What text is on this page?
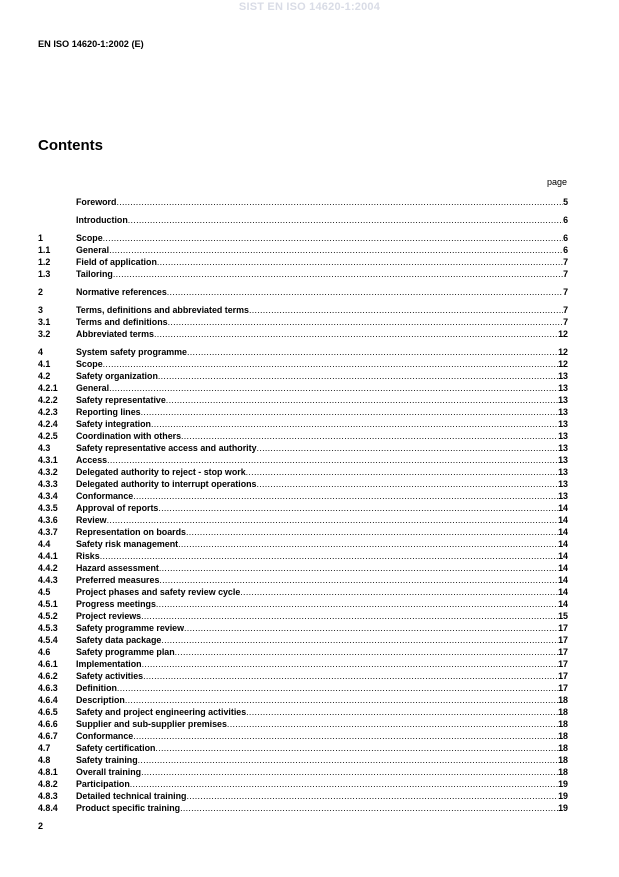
SIST EN ISO 14620-1:2004
EN ISO 14620-1:2002 (E)
Contents
page
Foreword .....	5
Introduction .....	6
1	Scope .....	6
1.1	General .....	6
1.2	Field of application .....	7
1.3	Tailoring .....	7
2	Normative references .....	7
3	Terms, definitions and abbreviated terms .....	7
3.1	Terms and definitions .....	7
3.2	Abbreviated terms .....	12
4	System safety programme .....	12
4.1	Scope .....	12
4.2	Safety organization .....	13
4.2.1	General .....	13
4.2.2	Safety representative .....	13
4.2.3	Reporting lines .....	13
4.2.4	Safety integration .....	13
4.2.5	Coordination with others .....	13
4.3	Safety representative access and authority .....	13
4.3.1	Access .....	13
4.3.2	Delegated authority to reject - stop work .....	13
4.3.3	Delegated authority to interrupt operations .....	13
4.3.4	Conformance .....	13
4.3.5	Approval of reports .....	14
4.3.6	Review .....	14
4.3.7	Representation on boards .....	14
4.4	Safety risk management .....	14
4.4.1	Risks .....	14
4.4.2	Hazard assessment .....	14
4.4.3	Preferred measures .....	14
4.5	Project phases and safety review cycle .....	14
4.5.1	Progress meetings .....	14
4.5.2	Project reviews .....	15
4.5.3	Safety programme review .....	17
4.5.4	Safety data package .....	17
4.6	Safety programme plan .....	17
4.6.1	Implementation .....	17
4.6.2	Safety activities .....	17
4.6.3	Definition .....	17
4.6.4	Description .....	18
4.6.5	Safety and project engineering activities .....	18
4.6.6	Supplier and sub-supplier premises .....	18
4.6.7	Conformance .....	18
4.7	Safety certification .....	18
4.8	Safety training .....	18
4.8.1	Overall training .....	18
4.8.2	Participation .....	19
4.8.3	Detailed technical training .....	19
4.8.4	Product specific training .....	19
2
